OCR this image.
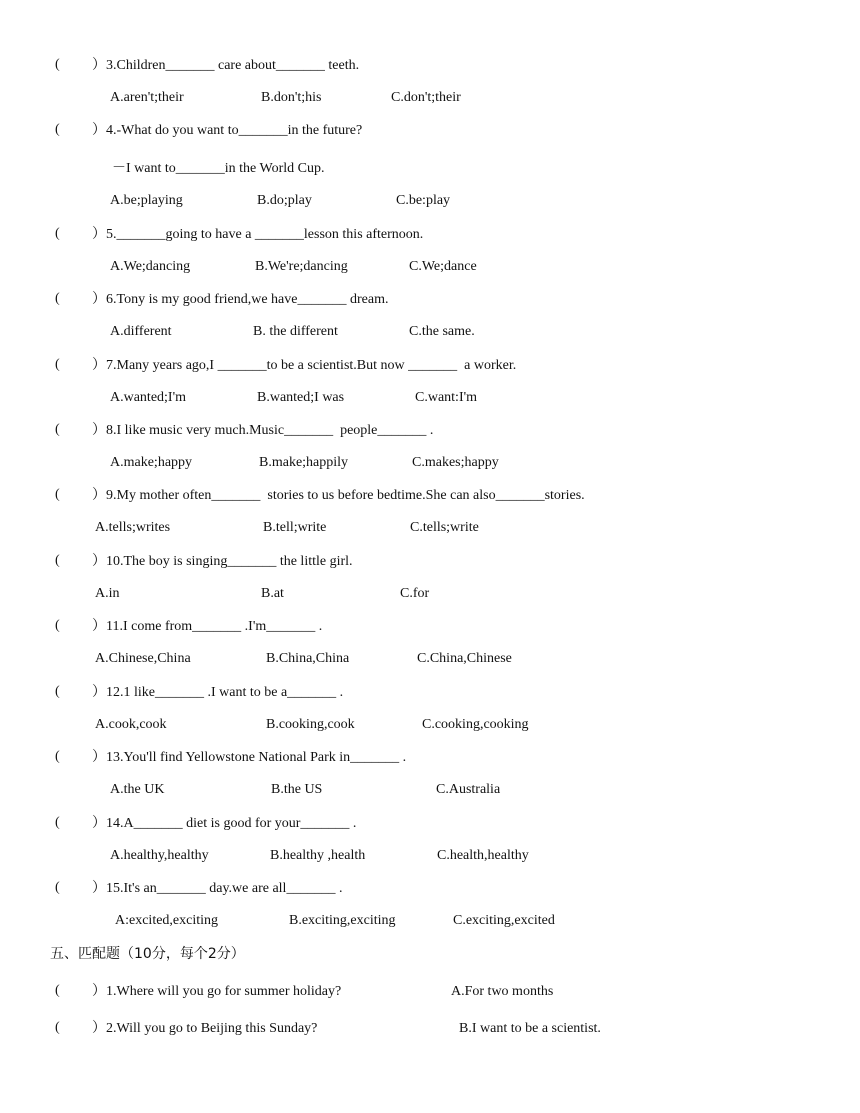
( ）3.Children_______ care about_______ teeth.
A.aren't;their	B.don't;his	C.don't;their
( ）4.-What do you want to_______in the future?
－I want to_______in the World Cup.
A.be;playing	B.do;play	C.be:play
( ）5._______going to have a _______lesson this afternoon.
A.We;dancing	B.We're;dancing	C.We;dance
( ）6.Tony is my good friend,we have_______ dream.
A.different	B. the different	C.the same.
( ）7.Many years ago,I _______to be a scientist.But now _______  a worker.
A.wanted;I'm	B.wanted;I was	C.want:I'm
( ）8.I like music very much.Music_______  people_______ .
A.make;happy	B.make;happily	C.makes;happy
( ）9.My mother often_______  stories to us before bedtime.She can also_______stories.
A.tells;writes	B.tell;write	C.tells;write
( ）10.The boy is singing_______ the little girl.
A.in	B.at	C.for
( ）11.I come from_______ .I'm_______ .
A.Chinese,China	B.China,China	C.China,Chinese
( ）12.1 like_______ .I want to be a_______ .
A.cook,cook	B.cooking,cook	C.cooking,cooking
( ）13.You'll find Yellowstone National Park in_______ .
A.the UK	B.the US	C.Australia
( ）14.A_______ diet is good for your_______ .
A.healthy,healthy	B.healthy ,health	C.health,healthy
( ）15.It's an_______ day.we are all_______ .
A:excited,exciting	B.exciting,exciting	C.exciting,excited
五、匹配题（10分，每个2分）
( ）1.Where will you go for summer holiday?	A.For two months
( ）2.Will you go to Beijing this Sunday?	B.I want to be a scientist.
